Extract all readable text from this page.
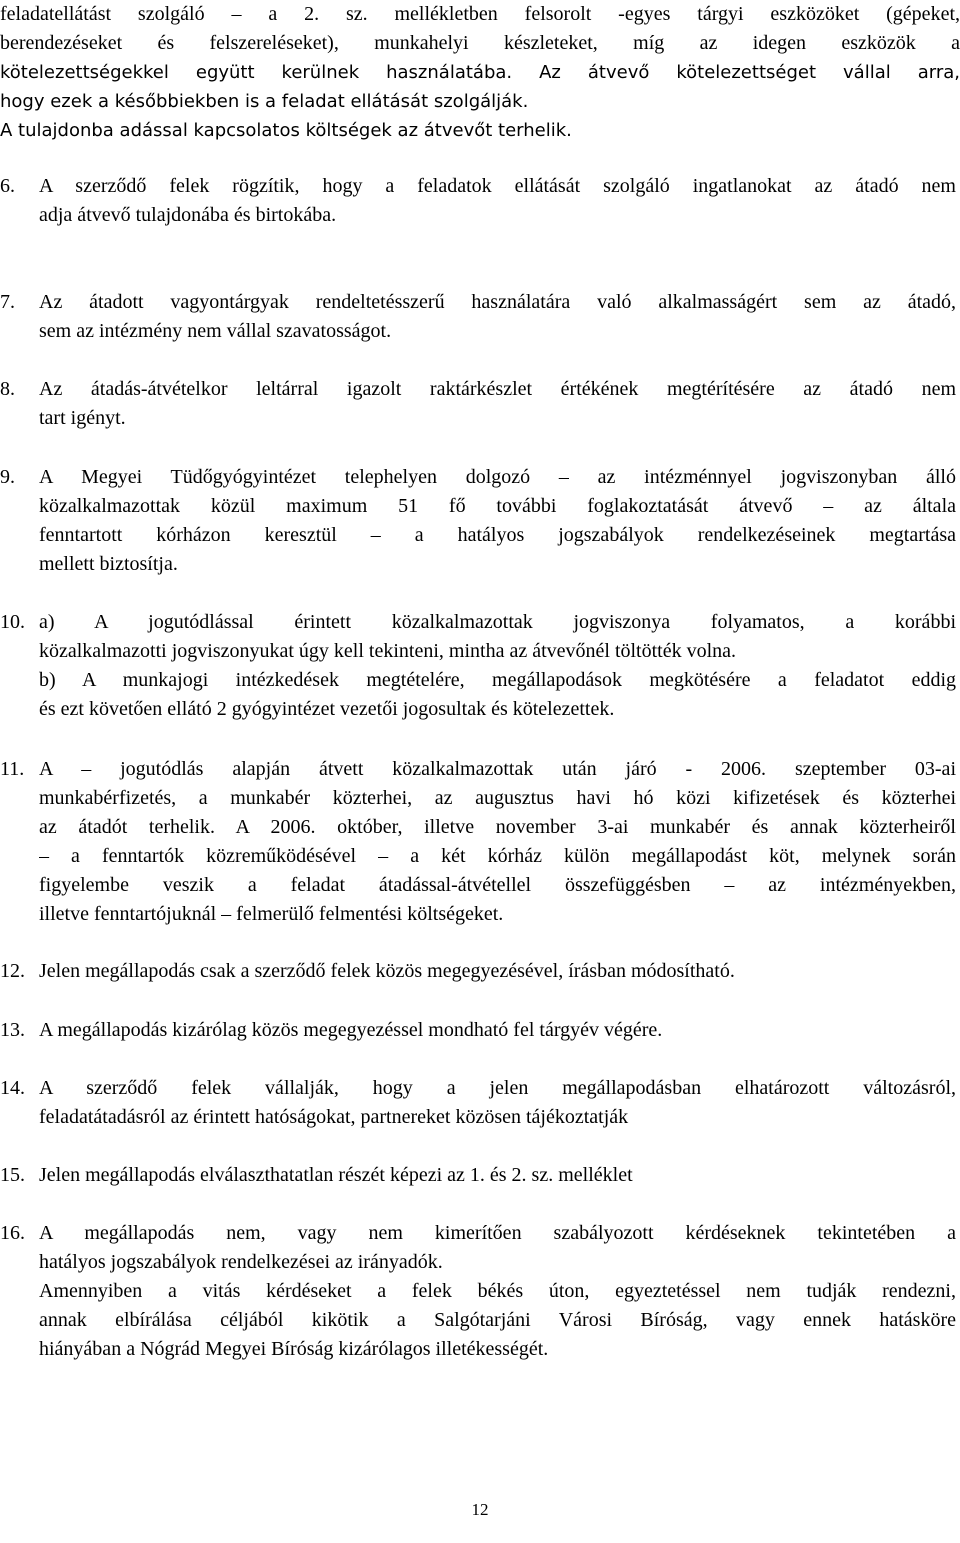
feladatellátást szolgáló – a 2. sz. mellékletben felsorolt -egyes tárgyi eszközöket (gépeket,
berendezéseket és felszereléseket), munkahelyi készleteket, míg az idegen eszközök a
kötelezettségekkel együtt kerülnek használatába. Az átvevő kötelezettséget vállal arra,
hogy ezek a későbbiekben is a feladat ellátását szolgálják.
A tulajdonba adással kapcsolatos költségek az átvevőt terhelik.
6. A szerződő felek rögzítik, hogy a feladatok ellátását szolgáló ingatlanokat az átadó nem
adja átvevő tulajdonába és birtokába.
7. Az átadott vagyontárgyak rendeltetésszerű használatára való alkalmasságért sem az átadó,
sem az intézmény nem vállal szavatosságot.
8. Az átadás-átvételkor leltárral igazolt raktárkészlet értékének megtérítésére az átadó nem
tart igényt.
9. A Megyei Tüdőgyógyintézet telephelyen dolgozó – az intézménnyel jogviszonyban álló
közalkalmazottak közül maximum 51 fő további foglakoztatását átvevő – az általa
fenntartott kórházon keresztül – a hatályos jogszabályok rendelkezéseinek megtartása
mellett biztosítja.
10. a) A jogutódlással érintett közalkalmazottak jogviszonya folyamatos, a korábbi
közalkalmazotti jogviszonyukat úgy kell tekinteni, mintha az átvevőnél töltötték volna.
b) A munkajogi intézkedések megtételére, megállapodások megkötésére a feladatot eddig
és ezt követően ellátó 2 gyógyintézet vezetői jogosultak és kötelezettek.
11. A – jogutódlás alapján átvett közalkalmazottak után járó - 2006. szeptember 03-ai
munkabérfizetés, a munkabér közterhei, az augusztus havi hó közi kifizetések és közterhei
az átadót terhelik. A 2006. október, illetve november 3-ai munkabér és annak közterheiről
– a fenntartók közreműködésével – a két kórház külön megállapodást köt, melynek során
figyelembe veszik a feladat átadással-átvétellel összefüggésben – az intézményekben,
illetve fenntartójuknál – felmerülő felmentési költségeket.
12. Jelen megállapodás csak a szerződő felek közös megegyezésével, írásban módosítható.
13. A megállapodás kizárólag közös megegyezéssel mondható fel tárgyév végére.
14. A szerződő felek vállalják, hogy a jelen megállapodásban elhatározott változásról,
feladatátadásról az érintett hatóságokat, partnereket közösen tájékoztatják
15. Jelen megállapodás elválaszthatatlan részét képezi az 1. és 2. sz. melléklet
16. A megállapodás nem, vagy nem kimerítően szabályozott kérdéseknek tekintetében a
hatályos jogszabályok rendelkezései az irányadók.
Amennyiben a vitás kérdéseket a felek békés úton, egyeztetéssel nem tudják rendezni,
annak elbírálása céljából kikötik a Salgótarjáni Városi Bíróság, vagy ennek hatásköre
hiányában a Nógrád Megyei Bíróság kizárólagos illetékességét.
12
